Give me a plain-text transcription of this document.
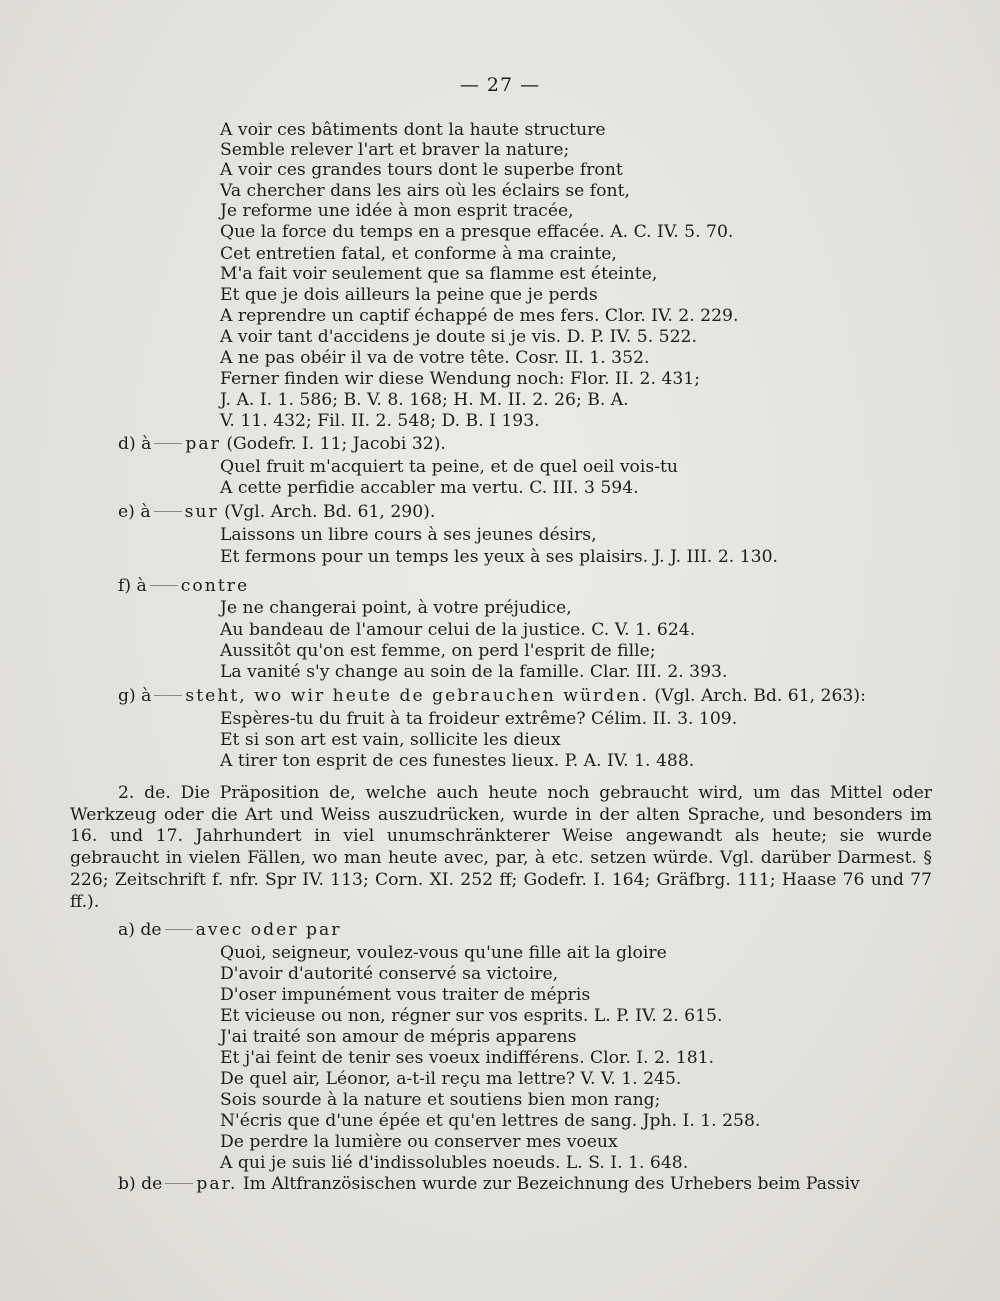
— 27 —
A voir ces bâtiments dont la haute structure
Semble relever l'art et braver la nature;
A voir ces grandes tours dont le superbe front
Va chercher dans les airs où les éclairs se font,
Je reforme une idée à mon esprit tracée,
Que la force du temps en a presque effacée. A. C. IV. 5. 70.
Cet entretien fatal, et conforme à ma crainte,
M'a fait voir seulement que sa flamme est éteinte,
Et que je dois ailleurs la peine que je perds
A reprendre un captif échappé de mes fers. Clor. IV. 2. 229.
A voir tant d'accidens je doute si je vis. D. P. IV. 5. 522.
A ne pas obéir il va de votre tête. Cosr. II. 1. 352.
Ferner finden wir diese Wendung noch: Flor. II. 2. 431;
J. A. I. 1. 586; B. V. 8. 168; H. M. II. 2. 26; B. A.
V. 11. 432; Fil. II. 2. 548; D. B. I 193.
d) à par (Godefr. I. 11; Jacobi 32).
Quel fruit m'acquiert ta peine, et de quel oeil vois-tu
A cette perfidie accabler ma vertu. C. III. 3 594.
e) à sur (Vgl. Arch. Bd. 61, 290).
Laissons un libre cours à ses jeunes désirs,
Et fermons pour un temps les yeux à ses plaisirs. J. J. III. 2. 130.
f) à contre
Je ne changerai point, à votre préjudice,
Au bandeau de l'amour celui de la justice. C. V. 1. 624.
Aussitôt qu'on est femme, on perd l'esprit de fille;
La vanité s'y change au soin de la famille. Clar. III. 2. 393.
g) à steht, wo wir heute de gebrauchen würden. (Vgl. Arch. Bd. 61, 263):
Espères-tu du fruit à ta froideur extrême? Célim. II. 3. 109.
Et si son art est vain, sollicite les dieux
A tirer ton esprit de ces funestes lieux. P. A. IV. 1. 488.
2. de. Die Präposition de, welche auch heute noch gebraucht wird, um das Mittel oder Werkzeug oder die Art und Weiss auszudrücken, wurde in der alten Sprache, und besonders im 16. und 17. Jahrhundert in viel unumschränkterer Weise angewandt als heute; sie wurde gebraucht in vielen Fällen, wo man heute avec, par, à etc. setzen würde. Vgl. darüber Darmest. § 226; Zeitschrift f. nfr. Spr IV. 113; Corn. XI. 252 ff; Godefr. I. 164; Gräfbrg. 111; Haase 76 und 77 ff.).
a) de avec oder par
Quoi, seigneur, voulez-vous qu'une fille ait la gloire
D'avoir d'autorité conservé sa victoire,
D'oser impunément vous traiter de mépris
Et vicieuse ou non, régner sur vos esprits. L. P. IV. 2. 615.
J'ai traité son amour de mépris apparens
Et j'ai feint de tenir ses voeux indifférens. Clor. I. 2. 181.
De quel air, Léonor, a-t-il reçu ma lettre? V. V. 1. 245.
Sois sourde à la nature et soutiens bien mon rang;
N'écris que d'une épée et qu'en lettres de sang. Jph. I. 1. 258.
De perdre la lumière ou conserver mes voeux
A qui je suis lié d'indissolubles noeuds. L. S. I. 1. 648.
b) de par. Im Altfranzösischen wurde zur Bezeichnung des Urhebers beim Passiv
